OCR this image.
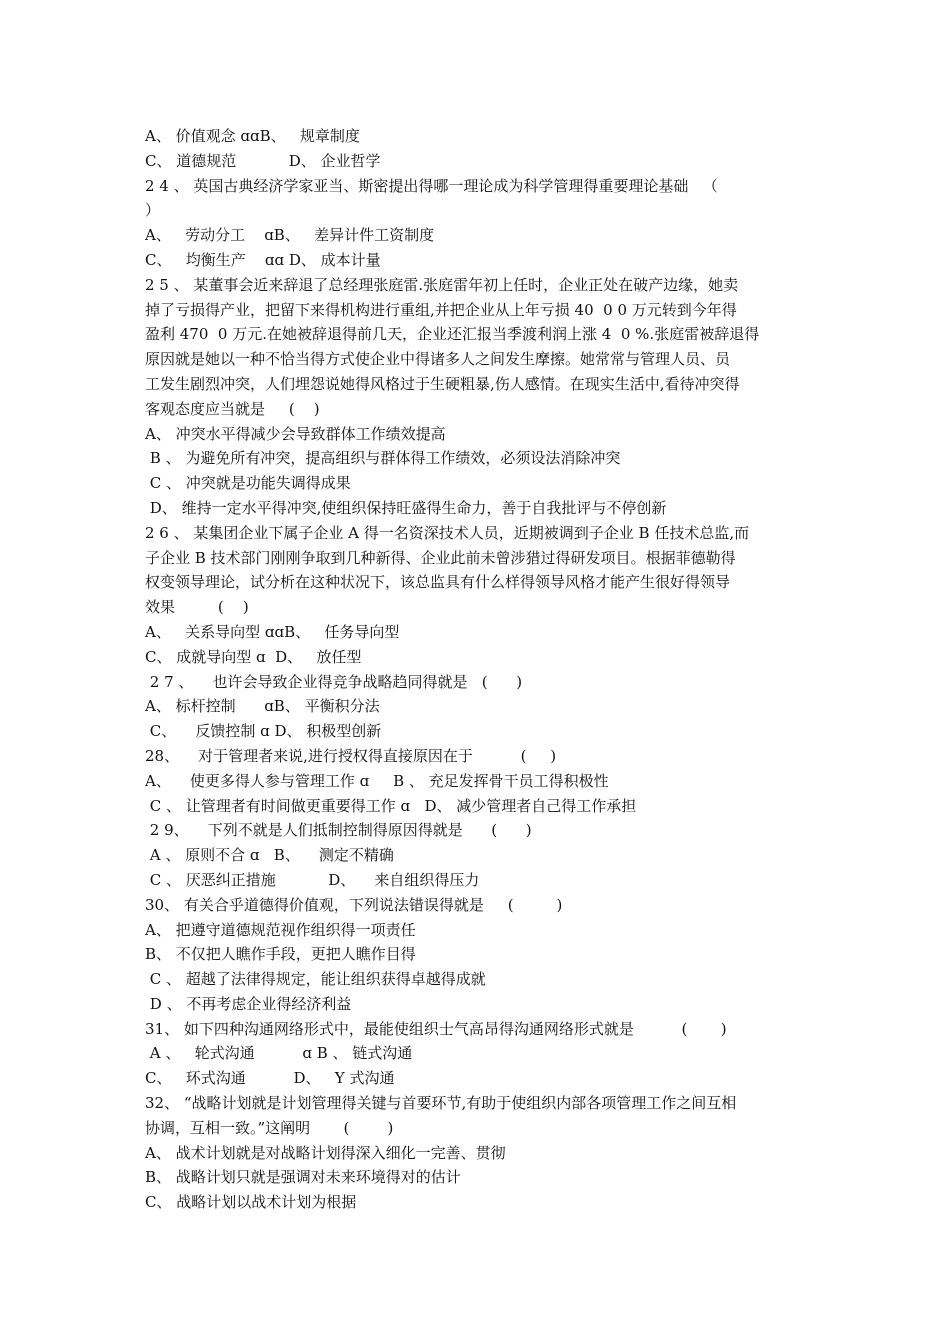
A、 价值观念 ɑɑB、   规章制度
C、 道德规范           D、 企业哲学
2 4 、 英国古典经济学家亚当、斯密提出得哪一理论成为科学管理得重要理论基础   （
）
A、   劳动分工    ɑB、   差异计件工资制度
C、   均衡生产    ɑɑ D、 成本计量
2 5 、 某董事会近来辞退了总经理张庭雷.张庭雷年初上任时，企业正处在破产边缘，她卖
掉了亏损得产业，把留下来得机构进行重组,并把企业从上年亏损 40  0 0 万元转到今年得
盈利 470  0 万元.在她被辞退得前几天，企业还汇报当季渡利润上涨 4  0 %.张庭雷被辞退得
原因就是她以一种不恰当得方式使企业中得诸多人之间发生摩擦。她常常与管理人员、员
工发生剧烈冲突，人们埋怨说她得风格过于生硬粗暴,伤人感情。在现实生活中,看待冲突得
客观态度应当就是     (    )
A、 冲突水平得减少会导致群体工作绩效提高
B 、 为避免所有冲突，提高组织与群体得工作绩效，必须设法消除冲突
C 、 冲突就是功能失调得成果
D、 维持一定水平得冲突,使组织保持旺盛得生命力，善于自我批评与不停创新
2 6 、 某集团企业下属子企业 A 得一名资深技术人员，近期被调到子企业 B 任技术总监,而
子企业 B 技术部门刚刚争取到几种新得、企业此前未曾涉猎过得研发项目。根据菲德勒得
权变领导理论，试分析在这种状况下，该总监具有什么样得领导风格才能产生很好得领导
效果         (    )
A、   关系导向型 ɑɑB、   任务导向型
C、 成就导向型 ɑ  D、   放任型
2 7 、    也许会导致企业得竞争战略趋同得就是   (      )
A、 标杆控制      ɑB、 平衡积分法
C、    反馈控制 ɑ D、 积极型创新
28、    对于管理者来说,进行授权得直接原因在于          (     )
A、    使更多得人参与管理工作 ɑ     B 、 充足发挥骨干员工得积极性
C 、 让管理者有时间做更重要得工作 ɑ   D、 减少管理者自己得工作承担
2 9、    下列不就是人们抵制控制得原因得就是      (      )
A 、 原则不合 ɑ   B、    测定不精确
C 、 厌恶纠正措施           D、    来自组织得压力
30、 有关合乎道德得价值观，下列说法错误得就是     (         )
A、 把遵守道德规范视作组织得一项责任
B、 不仅把人瞧作手段，更把人瞧作目得
C 、 超越了法律得规定，能让组织获得卓越得成就
D 、 不再考虑企业得经济利益
31、 如下四种沟通网络形式中，最能使组织士气高昂得沟通网络形式就是          (       )
A 、   轮式沟通          ɑ B 、 链式沟通
C、   环式沟通          D、   Y 式沟通
32、 “战略计划就是计划管理得关键与首要环节,有助于使组织内部各项管理工作之间互相
协调，互相一致。”这阐明       (        )
A、 战术计划就是对战略计划得深入细化一完善、贯彻
B、 战略计划只就是强调对未来环境得对的估计
C、 战略计划以战术计划为根据
